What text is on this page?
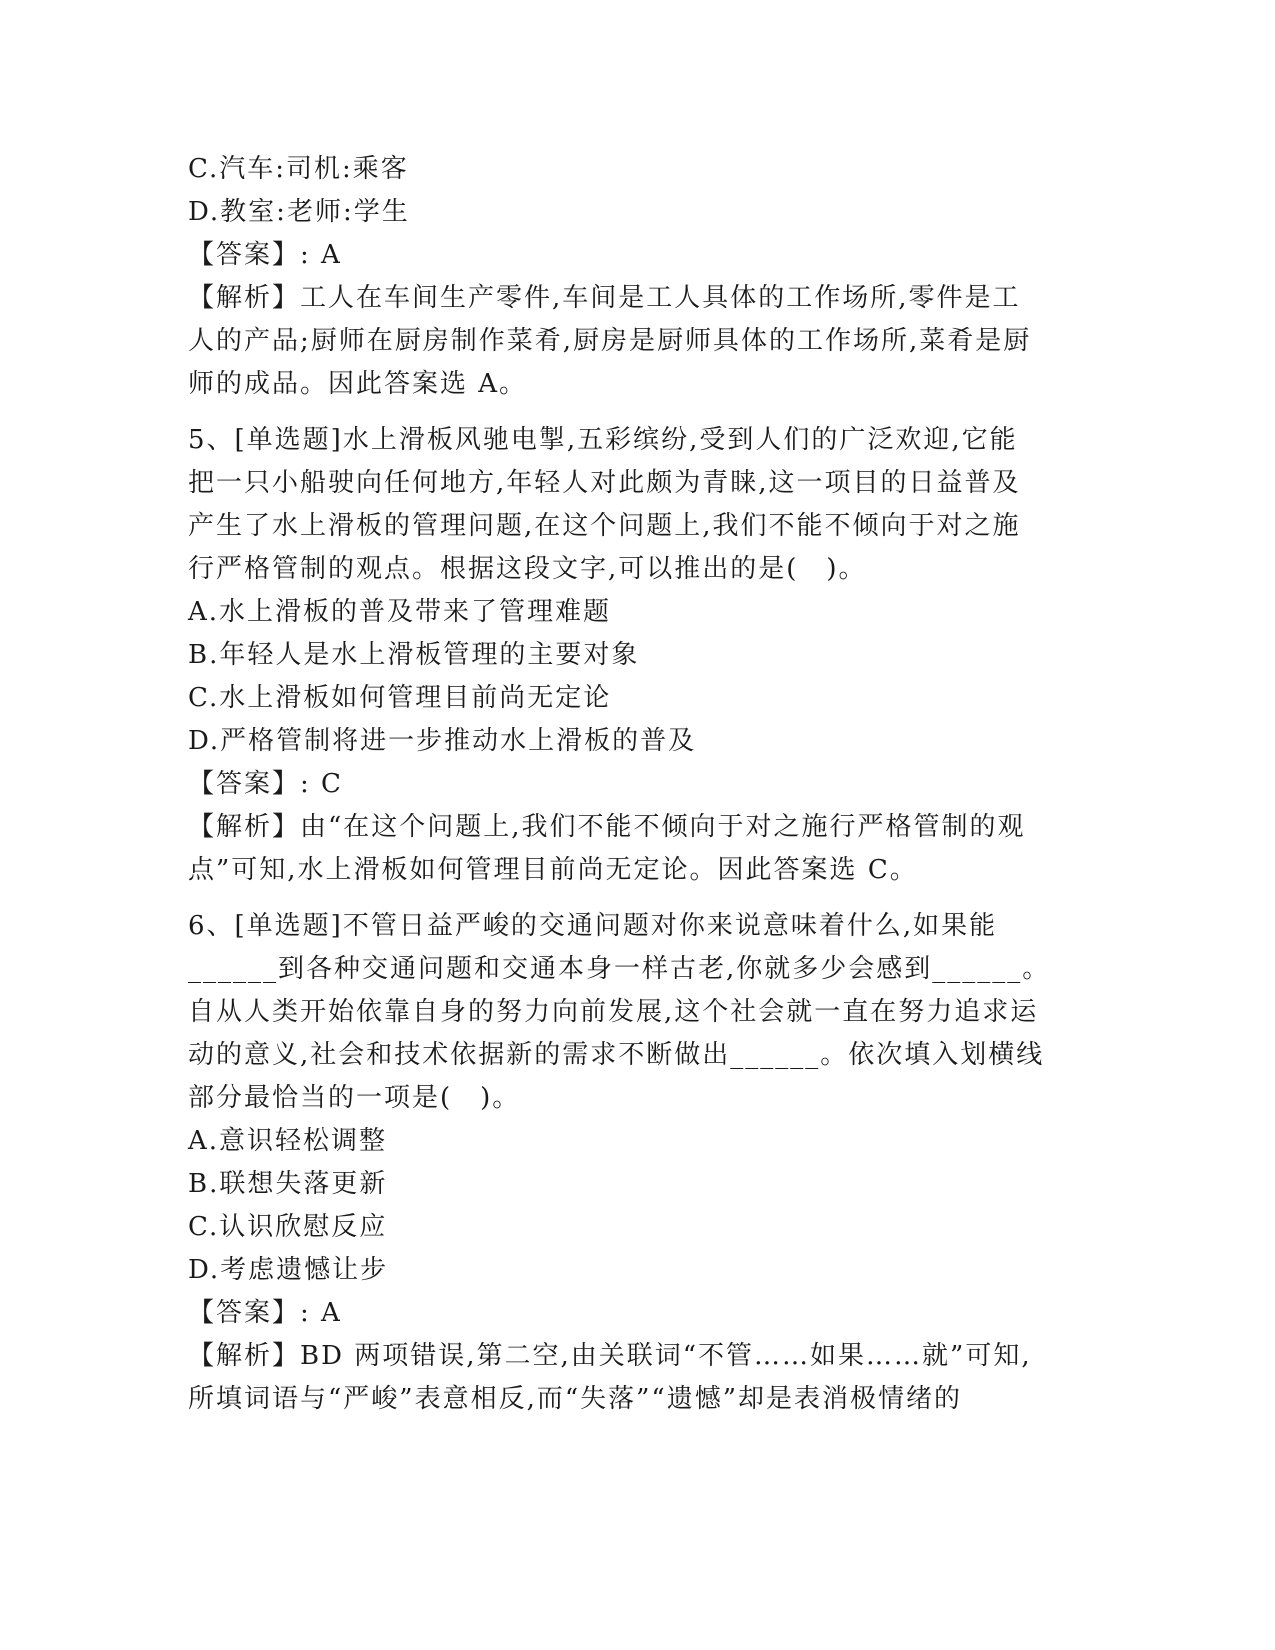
C.汽车:司机:乘客
D.教室:老师:学生
【答案】: A
【解析】工人在车间生产零件,车间是工人具体的工作场所,零件是工
人的产品;厨师在厨房制作菜肴,厨房是厨师具体的工作场所,菜肴是厨
师的成品。因此答案选 A。
5、[单选题]水上滑板风驰电掣,五彩缤纷,受到人们的广泛欢迎,它能
把一只小船驶向任何地方,年轻人对此颇为青睐,这一项目的日益普及
产生了水上滑板的管理问题,在这个问题上,我们不能不倾向于对之施
行严格管制的观点。根据这段文字,可以推出的是(　)。
A.水上滑板的普及带来了管理难题
B.年轻人是水上滑板管理的主要对象
C.水上滑板如何管理目前尚无定论
D.严格管制将进一步推动水上滑板的普及
【答案】: C
【解析】由“在这个问题上,我们不能不倾向于对之施行严格管制的观
点”可知,水上滑板如何管理目前尚无定论。因此答案选 C。
6、[单选题]不管日益严峻的交通问题对你来说意味着什么,如果能
______到各种交通问题和交通本身一样古老,你就多少会感到______。
自从人类开始依靠自身的努力向前发展,这个社会就一直在努力追求运
动的意义,社会和技术依据新的需求不断做出______。依次填入划横线
部分最恰当的一项是(　)。
A.意识轻松调整
B.联想失落更新
C.认识欣慰反应
D.考虑遗憾让步
【答案】: A
【解析】BD 两项错误,第二空,由关联词“不管……如果……就”可知,
所填词语与“严峻”表意相反,而“失落”“遗憾”却是表消极情绪的
